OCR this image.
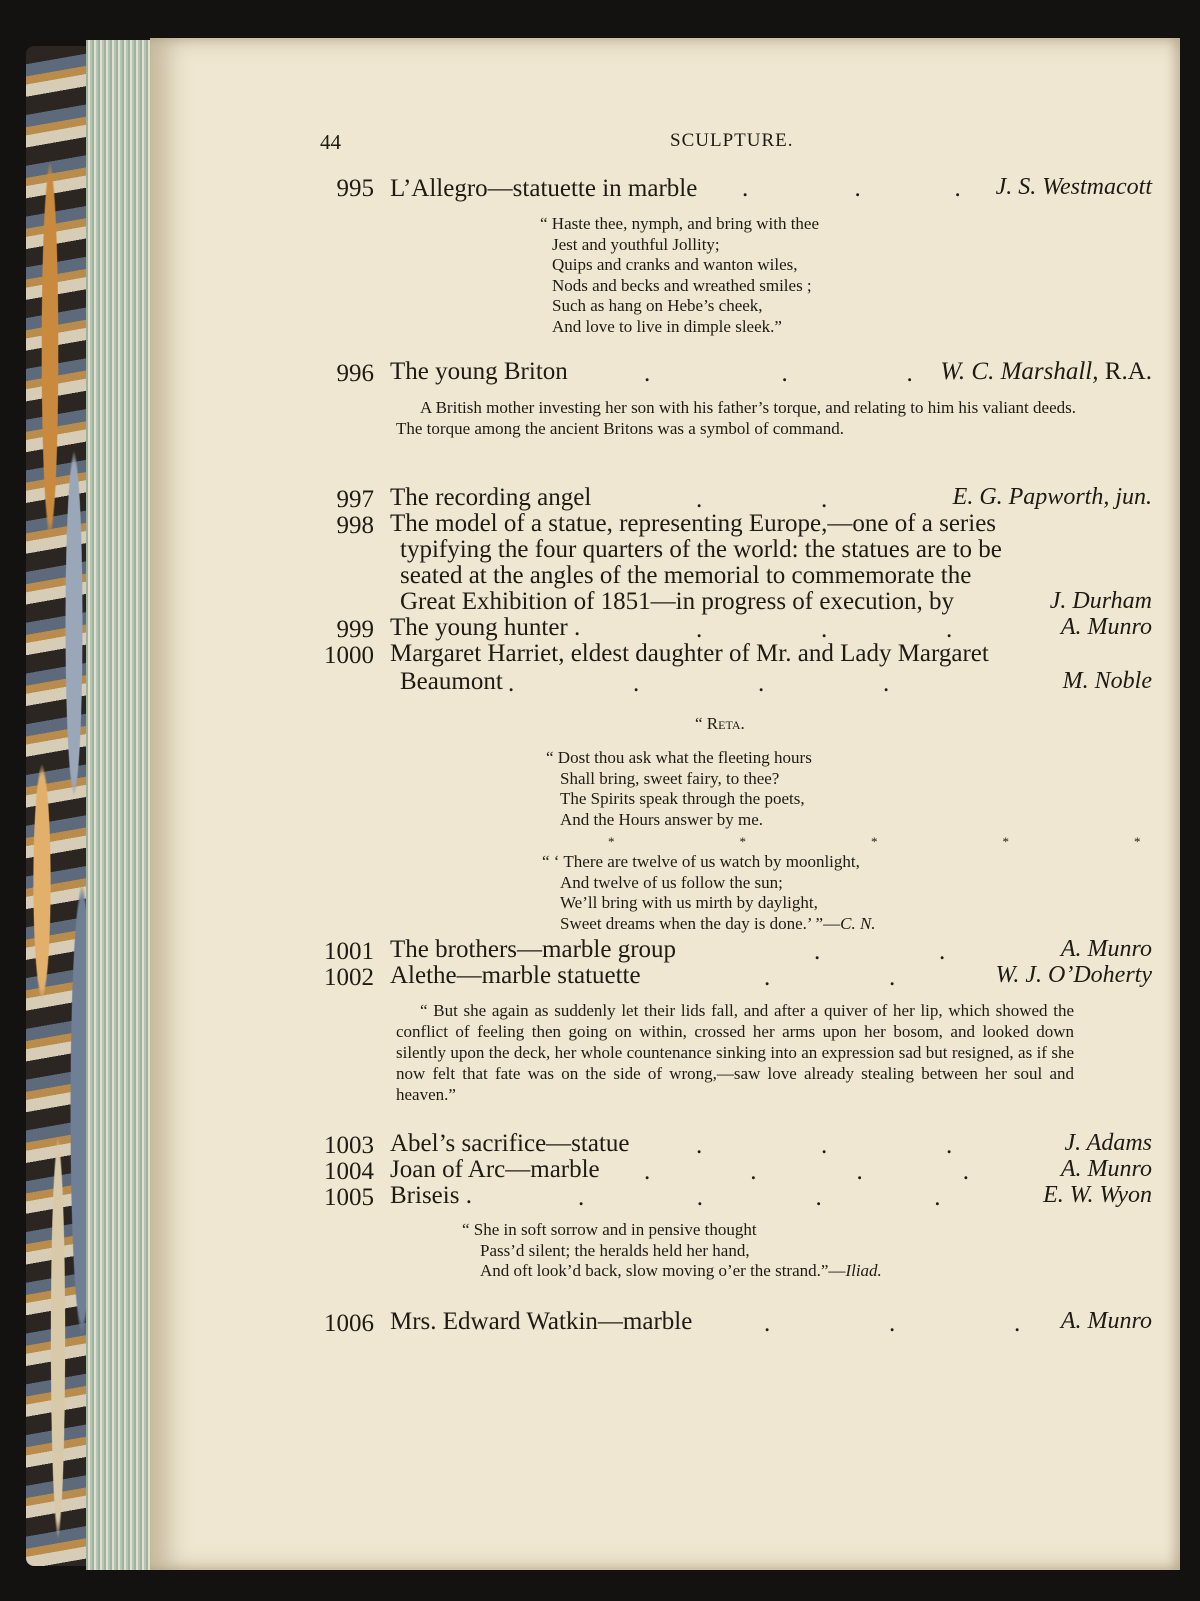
44	SCULPTURE.
995 L’Allegro—statuette in marble .                 .               . J. S. Westmacott
“ Haste thee, nymph, and bring with thee
Jest and youthful Jollity;
Quips and cranks and wanton wiles,
Nods and becks and wreathed smiles ;
Such as hang on Hebe’s cheek,
And love to live in dimple sleek.”
996 The young Briton	.                     .                   . W. C. Marshall, R.A.
A British mother investing her son with his father’s torque, and relating to him his valiant deeds. The torque among the ancient Britons was a symbol of command.
997 The recording angel	.                   .	E. G. Papworth, jun.
998 The model of a statue, representing Europe,—one of a series
typifying the four quarters of the world: the statues are to be
seated at the angles of the memorial to commemorate the
Great Exhibition of 1851—in progress of execution, by	J. Durham
999 The young hunter .	.                   .                   .	A. Munro
1000 Margaret Harriet, eldest daughter of Mr. and Lady Margaret
Beaumont .                   .                   .                   .	M. Noble
“ Reta.
“ Dost thou ask what the fleeting hours
Shall bring, sweet fairy, to thee?
The Spirits speak through the poets,
And the Hours answer by me.
*    *    *    *    *
“ ‘ There are twelve of us watch by moonlight,
And twelve of us follow the sun;
We’ll bring with us mirth by daylight,
Sweet dreams when the day is done.’ ”—C. N.
1001 The brothers—marble group	.                   .	A. Munro
1002 Alethe—marble statuette	.                   .	W. J. O’Doherty
“ But she again as suddenly let their lids fall, and after a quiver of her lip, which showed the conflict of feeling then going on within, crossed her arms upon her bosom, and looked down silently upon the deck, her whole countenance sinking into an expression sad but resigned, as if she now felt that fate was on the side of wrong,—saw love already stealing between her soul and heaven.”
1003 Abel’s sacrifice—statue	.                   .                   .	J. Adams
1004 Joan of Arc—marble .                .                .                .	A. Munro
1005 Briseis .	.                  .                  .                  .	E. W. Wyon
“ She in soft sorrow and in pensive thought
Pass’d silent; the heralds held her hand,
And oft look’d back, slow moving o’er the strand.”—Iliad.
1006 Mrs. Edward Watkin—marble	.                   .                   . A. Munro
